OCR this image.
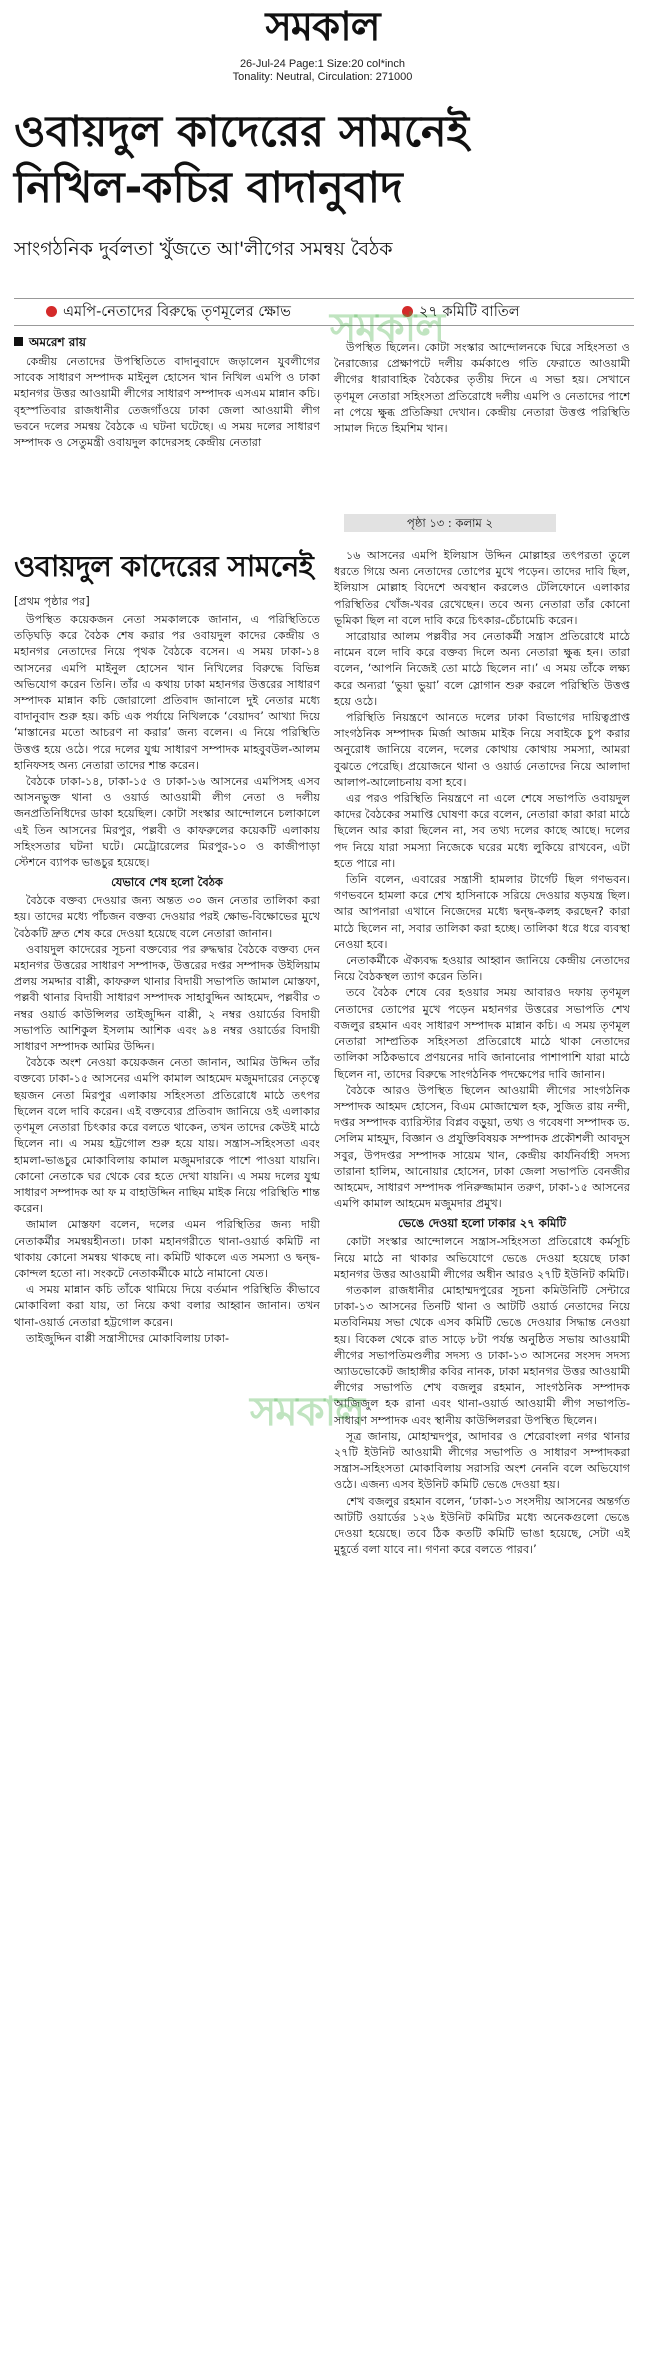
সমকাল
26-Jul-24 Page:1 Size:20 col*inch
Tonality: Neutral, Circulation: 271000
ওবায়দুল কাদেরের সামনেই
নিখিল-কচির বাদানুবাদ
সাংগঠনিক দুর্বলতা খুঁজতে আ'লীগের সমন্বয় বৈঠক
এমপি-নেতাদের বিরুদ্ধে তৃণমূলের ক্ষোভ	২৭ কমিটি বাতিল
অমরেশ রায়

কেন্দ্রীয় নেতাদের উপস্থিতিতে বাদানুবাদে জড়ালেন যুবলীগের সাবেক সাধারণ সম্পাদক মাইনুল হোসেন খান নিখিল এমপি ও ঢাকা মহানগর উত্তর আওয়ামী লীগের সাধারণ সম্পাদক এসএম মান্নান কচি। বৃহস্পতিবার রাজধানীর তেজগাঁওয়ে ঢাকা জেলা আওয়ামী লীগ ভবনে দলের সমন্বয় বৈঠকে এ ঘটনা ঘটেছে। এ সময় দলের সাধারণ সম্পাদক ও সেতুমন্ত্রী ওবায়দুল কাদেরসহ কেন্দ্রীয় নেতারা

উপস্থিত ছিলেন। কোটা সংস্কার আন্দোলনকে ঘিরে সহিংসতা ও নৈরাজ্যের প্রেক্ষাপটে দলীয় কর্মকাণ্ডে গতি ফেরাতে আওয়ামী লীগের ধারাবাহিক বৈঠকের তৃতীয় দিনে এ সভা হয়। সেখানে তৃণমূল নেতারা সহিংসতা প্রতিরোধে দলীয় এমপি ও নেতাদের পাশে না পেয়ে ক্ষুব্ধ প্রতিক্রিয়া দেখান। কেন্দ্রীয় নেতারা উত্তপ্ত পরিস্থিতি সামাল দিতে হিমশিম খান।

পৃষ্ঠা ১৩ : কলাম ২
ওবায়দুল কাদেরের সামনেই
[প্রথম পৃষ্ঠার পর]

উপস্থিত কয়েকজন নেতা সমকালকে জানান, এ পরিস্থিতিতে তড়িঘড়ি করে বৈঠক শেষ করার পর ওবায়দুল কাদের কেন্দ্রীয় ও মহানগর নেতাদের নিয়ে পৃথক বৈঠকে বসেন। এ সময় ঢাকা-১৪ আসনের এমপি মাইনুল হোসেন খান নিখিলের বিরুদ্ধে বিভিন্ন অভিযোগ করেন তিনি। তাঁর এ কথায় ঢাকা মহানগর উত্তরের সাধারণ সম্পাদক মান্নান কচি জোরালো প্রতিবাদ জানালে দুই নেতার মধ্যে বাদানুবাদ শুরু হয়। কচি এক পর্যায়ে নিখিলকে ‘বেয়াদব’ আখ্যা দিয়ে ‘মাস্তানের মতো আচরণ না করার’ জন্য বলেন। এ নিয়ে পরিস্থিতি উত্তপ্ত হয়ে ওঠে। পরে দলের যুগ্ম সাধারণ সম্পাদক মাহবুবউল-আলম হানিফসহ অন্য নেতারা তাদের শান্ত করেন।

বৈঠকে ঢাকা-১৪, ঢাকা-১৫ ও ঢাকা-১৬ আসনের এমপিসহ এসব আসনভুক্ত থানা ও ওয়ার্ড আওয়ামী লীগ নেতা ও দলীয় জনপ্রতিনিধিদের ডাকা হয়েছিল। কোটা সংস্কার আন্দোলনে চলাকালে এই তিন আসনের মিরপুর, পল্লবী ও কাফরুলের কয়েকটি এলাকায় সহিংসতার ঘটনা ঘটে। মেট্রোরেলের মিরপুর-১০ ও কাজীপাড়া স্টেশনে ব্যাপক ভাঙচুর হয়েছে।

যেভাবে শেষ হলো বৈঠক

বৈঠকে বক্তব্য দেওয়ার জন্য অন্তত ৩০ জন নেতার তালিকা করা হয়। তাদের মধ্যে পাঁচজন বক্তব্য দেওয়ার পরই ক্ষোভ-বিক্ষোভের মুখে বৈঠকটি দ্রুত শেষ করে দেওয়া হয়েছে বলে নেতারা জানান।

ওবায়দুল কাদেরের সূচনা বক্তব্যের পর রুদ্ধদ্বার বৈঠকে বক্তব্য দেন মহানগর উত্তরের সাধারণ সম্পাদক, উত্তরের দপ্তর সম্পাদক উইলিয়াম প্রলয় সমদ্দার বাপ্পী, কাফরুল থানার বিদায়ী সভাপতি জামাল মোস্তফা, পল্লবী থানার বিদায়ী সাধারণ সম্পাদক সাহাবুদ্দিন আহমেদ, পল্লবীর ৩ নম্বর ওয়ার্ড কাউন্সিলর তাইজুদ্দিন বাপ্পী, ২ নম্বর ওয়ার্ডের বিদায়ী সভাপতি আশিকুল ইসলাম আশিক এবং ৯৪ নম্বর ওয়ার্ডের বিদায়ী সাধারণ সম্পাদক আমির উদ্দিন।

বৈঠকে অংশ নেওয়া কয়েকজন নেতা জানান, আমির উদ্দিন তাঁর বক্তব্যে ঢাকা-১৫ আসনের এমপি কামাল আহমেদ মজুমদারের নেতৃত্বে ছয়জন নেতা মিরপুর এলাকায় সহিংসতা প্রতিরোধে মাঠে তৎপর ছিলেন বলে দাবি করেন। এই বক্তব্যের প্রতিবাদ জানিয়ে ওই এলাকার তৃণমূল নেতারা চিৎকার করে বলতে থাকেন, তখন তাদের কেউই মাঠে ছিলেন না। এ সময় হট্টগোল শুরু হয়ে যায়। সন্ত্রাস-সহিংসতা এবং হামলা-ভাঙচুর মোকাবিলায় কামাল মজুমদারকে পাশে পাওয়া যায়নি। কোনো নেতাকে ঘর থেকে বের হতে দেখা যায়নি। এ সময় দলের যুগ্ম সাধারণ সম্পাদক আ ফ ম বাহাউদ্দিন নাছিম মাইক নিয়ে পরিস্থিতি শান্ত করেন।

জামাল মোস্তফা বলেন, দলের এমন পরিস্থিতির জন্য দায়ী নেতাকর্মীর সমন্বয়হীনতা। ঢাকা মহানগরীতে থানা-ওয়ার্ড কমিটি না থাকায় কোনো সমন্বয় থাকছে না। কমিটি থাকলে এত সমস্যা ও দ্বন্দ্ব-কোন্দল হতো না। সংকটে নেতাকর্মীকে মাঠে নামানো যেত।

এ সময় মান্নান কচি তাঁকে থামিয়ে দিয়ে বর্তমান পরিস্থিতি কীভাবে মোকাবিলা করা যায়, তা নিয়ে কথা বলার আহ্বান জানান। তখন থানা-ওয়ার্ড নেতারা হট্টগোল করেন।

তাইজুদ্দিন বাপ্পী সন্ত্রাসীদের মোকাবিলায় ঢাকা-

১৬ আসনের এমপি ইলিয়াস উদ্দিন মোল্লাহর তৎপরতা তুলে ধরতে গিয়ে অন্য নেতাদের তোপের মুখে পড়েন। তাদের দাবি ছিল, ইলিয়াস মোল্লাহ বিদেশে অবস্থান করলেও টেলিফোনে এলাকার পরিস্থিতির খোঁজ-খবর রেখেছেন। তবে অন্য নেতারা তাঁর কোনো ভূমিকা ছিল না বলে দাবি করে চিৎকার-চেঁচামেচি করেন।

সারোয়ার আলম পল্লবীর সব নেতাকর্মী সন্ত্রাস প্রতিরোধে মাঠে নামেন বলে দাবি করে বক্তব্য দিলে অন্য নেতারা ক্ষুব্ধ হন। তারা বলেন, ‘আপনি নিজেই তো মাঠে ছিলেন না।’ এ সময় তাঁকে লক্ষ্য করে অন্যরা ‘ভুয়া ভুয়া’ বলে স্লোগান শুরু করলে পরিস্থিতি উত্তপ্ত হয়ে ওঠে।

পরিস্থিতি নিয়ন্ত্রণে আনতে দলের ঢাকা বিভাগের দায়িত্বপ্রাপ্ত সাংগঠনিক সম্পাদক মির্জা আজম মাইক নিয়ে সবাইকে চুপ করার অনুরোধ জানিয়ে বলেন, দলের কোথায় কোথায় সমস্যা, আমরা বুঝতে পেরেছি। প্রয়োজনে থানা ও ওয়ার্ড নেতাদের নিয়ে আলাদা আলাপ-আলোচনায় বসা হবে।

এর পরও পরিস্থিতি নিয়ন্ত্রণে না এলে শেষে সভাপতি ওবায়দুল কাদের বৈঠকের সমাপ্তি ঘোষণা করে বলেন, নেতারা কারা কারা মাঠে ছিলেন আর কারা ছিলেন না, সব তথ্য দলের কাছে আছে। দলের পদ নিয়ে যারা সমস্যা নিজেকে ঘরের মধ্যে লুকিয়ে রাখবেন, এটা হতে পারে না।

তিনি বলেন, এবারের সন্ত্রাসী হামলার টার্গেট ছিল গণভবন। গণভবনে হামলা করে শেখ হাসিনাকে সরিয়ে দেওয়ার ষড়যন্ত্র ছিল। আর আপনারা এখানে নিজেদের মধ্যে দ্বন্দ্ব-কলহ করছেন? কারা মাঠে ছিলেন না, সবার তালিকা করা হচ্ছে। তালিকা ধরে ধরে ব্যবস্থা নেওয়া হবে।

নেতাকর্মীকে ঐক্যবদ্ধ হওয়ার আহ্বান জানিয়ে কেন্দ্রীয় নেতাদের নিয়ে বৈঠকস্থল ত্যাগ করেন তিনি।

তবে বৈঠক শেষে বের হওয়ার সময় আবারও দফায় তৃণমূল নেতাদের তোপের মুখে পড়েন মহানগর উত্তরের সভাপতি শেখ বজলুর রহমান এবং সাধারণ সম্পাদক মান্নান কচি। এ সময় তৃণমূল নেতারা সাম্প্রতিক সহিংসতা প্রতিরোধে মাঠে থাকা নেতাদের তালিকা সঠিকভাবে প্রণয়নের দাবি জানানোর পাশাপাশি যারা মাঠে ছিলেন না, তাদের বিরুদ্ধে সাংগঠনিক পদক্ষেপের দাবি জানান।

বৈঠকে আরও উপস্থিত ছিলেন আওয়ামী লীগের সাংগঠনিক সম্পাদক আহমদ হোসেন, বিএম মোজাম্মেল হক, সুজিত রায় নন্দী, দপ্তর সম্পাদক ব্যারিস্টার বিপ্লব বড়ুয়া, তথ্য ও গবেষণা সম্পাদক ড. সেলিম মাহমুদ, বিজ্ঞান ও প্রযুক্তিবিষয়ক সম্পাদক প্রকৌশলী আবদুস সবুর, উপদপ্তর সম্পাদক সায়েম খান, কেন্দ্রীয় কার্যনির্বাহী সদস্য তারানা হালিম, আনোয়ার হোসেন, ঢাকা জেলা সভাপতি বেনজীর আহমেদ, সাধারণ সম্পাদক পনিরুজ্জামান তরুণ, ঢাকা-১৫ আসনের এমপি কামাল আহমেদ মজুমদার প্রমুখ।

ভেঙে দেওয়া হলো ঢাকার ২৭ কমিটি

কোটা সংস্কার আন্দোলনে সন্ত্রাস-সহিংসতা প্রতিরোধে কর্মসূচি নিয়ে মাঠে না থাকার অভিযোগে ভেঙে দেওয়া হয়েছে ঢাকা মহানগর উত্তর আওয়ামী লীগের অধীন আরও ২৭টি ইউনিট কমিটি।

গতকাল রাজধানীর মোহাম্মদপুরের সূচনা কমিউনিটি সেন্টারে ঢাকা-১৩ আসনের তিনটি থানা ও আটটি ওয়ার্ড নেতাদের নিয়ে মতবিনিময় সভা থেকে এসব কমিটি ভেঙে দেওয়ার সিদ্ধান্ত নেওয়া হয়। বিকেল থেকে রাত সাড়ে ৮টা পর্যন্ত অনুষ্ঠিত সভায় আওয়ামী লীগের সভাপতিমণ্ডলীর সদস্য ও ঢাকা-১৩ আসনের সংসদ সদস্য অ্যাডভোকেট জাহাঙ্গীর কবির নানক, ঢাকা মহানগর উত্তর আওয়ামী লীগের সভাপতি শেখ বজলুর রহমান, সাংগঠনিক সম্পাদক আজিজুল হক রানা এবং থানা-ওয়ার্ড আওয়ামী লীগ সভাপতি-সাধারণ সম্পাদক এবং স্থানীয় কাউন্সিলররা উপস্থিত ছিলেন।

সূত্র জানায়, মোহাম্মদপুর, আদাবর ও শেরেবাংলা নগর থানার ২৭টি ইউনিট আওয়ামী লীগের সভাপতি ও সাধারণ সম্পাদকরা সন্ত্রাস-সহিংসতা মোকাবিলায় সরাসরি অংশ নেননি বলে অভিযোগ ওঠে। এজন্য এসব ইউনিট কমিটি ভেঙে দেওয়া হয়।

শেখ বজলুর রহমান বলেন, ‘ঢাকা-১৩ সংসদীয় আসনের অন্তর্গত আটটি ওয়ার্ডের ১২৬ ইউনিট কমিটির মধ্যে অনেকগুলো ভেঙে দেওয়া হয়েছে। তবে ঠিক কতটি কমিটি ভাঙা হয়েছে, সেটা এই মুহূর্তে বলা যাবে না। গণনা করে বলতে পারব।’

সমকাল
সমকাল
